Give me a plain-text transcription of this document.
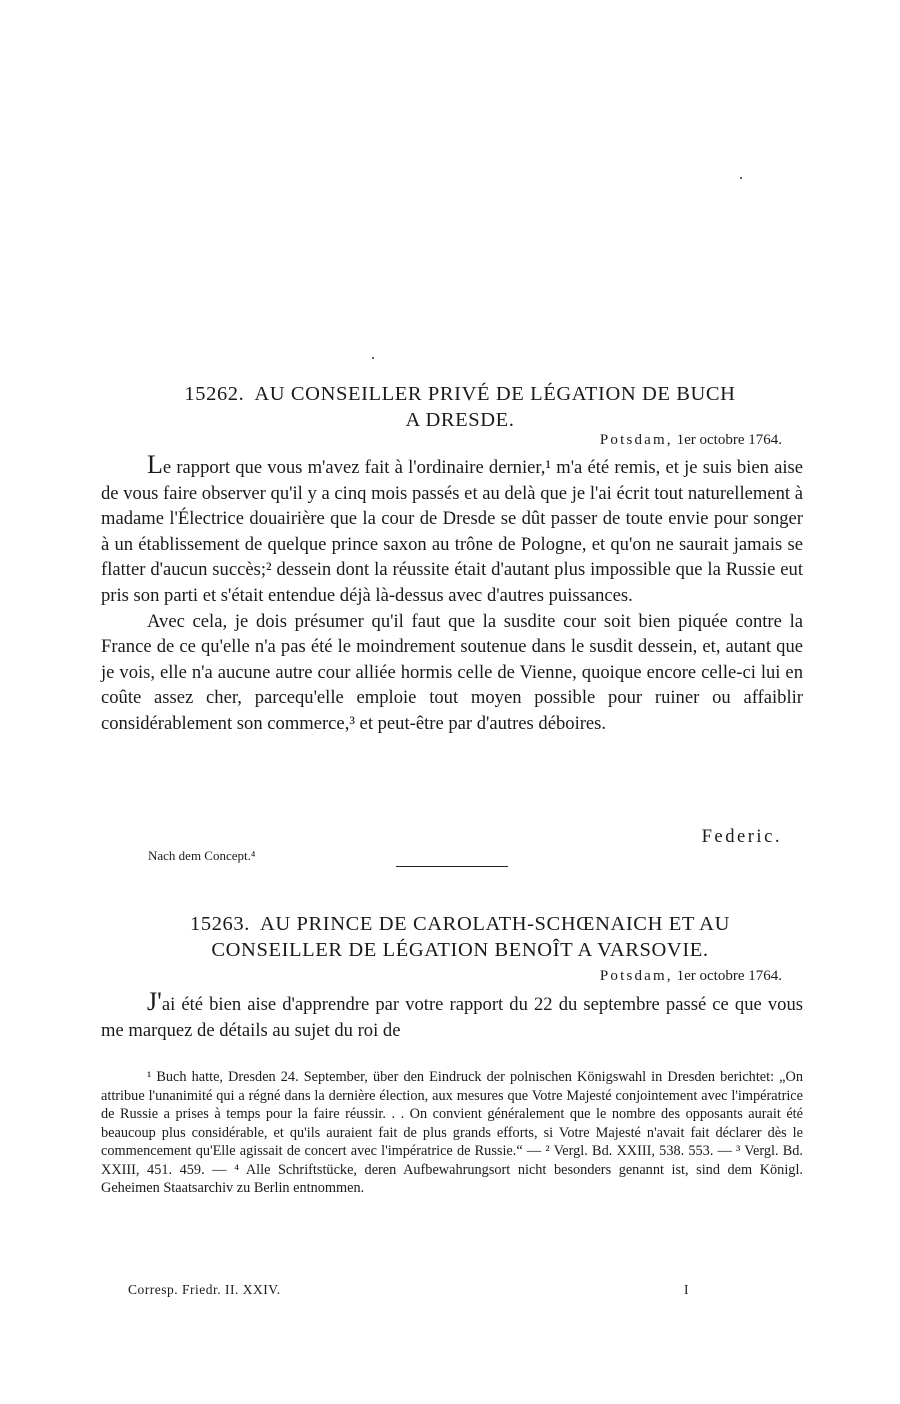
15262. AU CONSEILLER PRIVÉ DE LÉGATION DE BUCH
A DRESDE.
Potsdam, 1er octobre 1764.

Le rapport que vous m'avez fait à l'ordinaire dernier,¹ m'a été remis, et je suis bien aise de vous faire observer qu'il y a cinq mois passés et au delà que je l'ai écrit tout naturellement à madame l'Électrice douairière que la cour de Dresde se dût passer de toute envie pour songer à un établissement de quelque prince saxon au trône de Pologne, et qu'on ne saurait jamais se flatter d'aucun succès;² dessein dont la réussite était d'autant plus impossible que la Russie eut pris son parti et s'était entendue déjà là-dessus avec d'autres puissances.

Avec cela, je dois présumer qu'il faut que la susdite cour soit bien piquée contre la France de ce qu'elle n'a pas été le moindrement soutenue dans le susdit dessein, et, autant que je vois, elle n'a aucune autre cour alliée hormis celle de Vienne, quoique encore celle-ci lui en coûte assez cher, parcequ'elle emploie tout moyen possible pour ruiner ou affaiblir considérablement son commerce,³ et peut-être par d'autres déboires.

Federic.
Nach dem Concept.⁴
15263. AU PRINCE DE CAROLATH-SCHŒNAICH ET AU
CONSEILLER DE LÉGATION BENOÎT A VARSOVIE.
Potsdam, 1er octobre 1764.

J'ai été bien aise d'apprendre par votre rapport du 22 du septembre passé ce que vous me marquez de détails au sujet du roi de

¹ Buch hatte, Dresden 24. September, über den Eindruck der polnischen Königswahl in Dresden berichtet: „On attribue l'unanimité qui a régné dans la dernière élection, aux mesures que Votre Majesté conjointement avec l'impératrice de Russie a prises à temps pour la faire réussir. . . On convient généralement que le nombre des opposants aurait été beaucoup plus considérable, et qu'ils auraient fait de plus grands efforts, si Votre Majesté n'avait fait déclarer dès le commencement qu'Elle agissait de concert avec l'impératrice de Russie.“ — ² Vergl. Bd. XXIII, 538. 553. — ³ Vergl. Bd. XXIII, 451. 459. — ⁴ Alle Schriftstücke, deren Aufbewahrungsort nicht besonders genannt ist, sind dem Königl. Geheimen Staatsarchiv zu Berlin entnommen.

Corresp. Friedr. II. XXIV.	I
